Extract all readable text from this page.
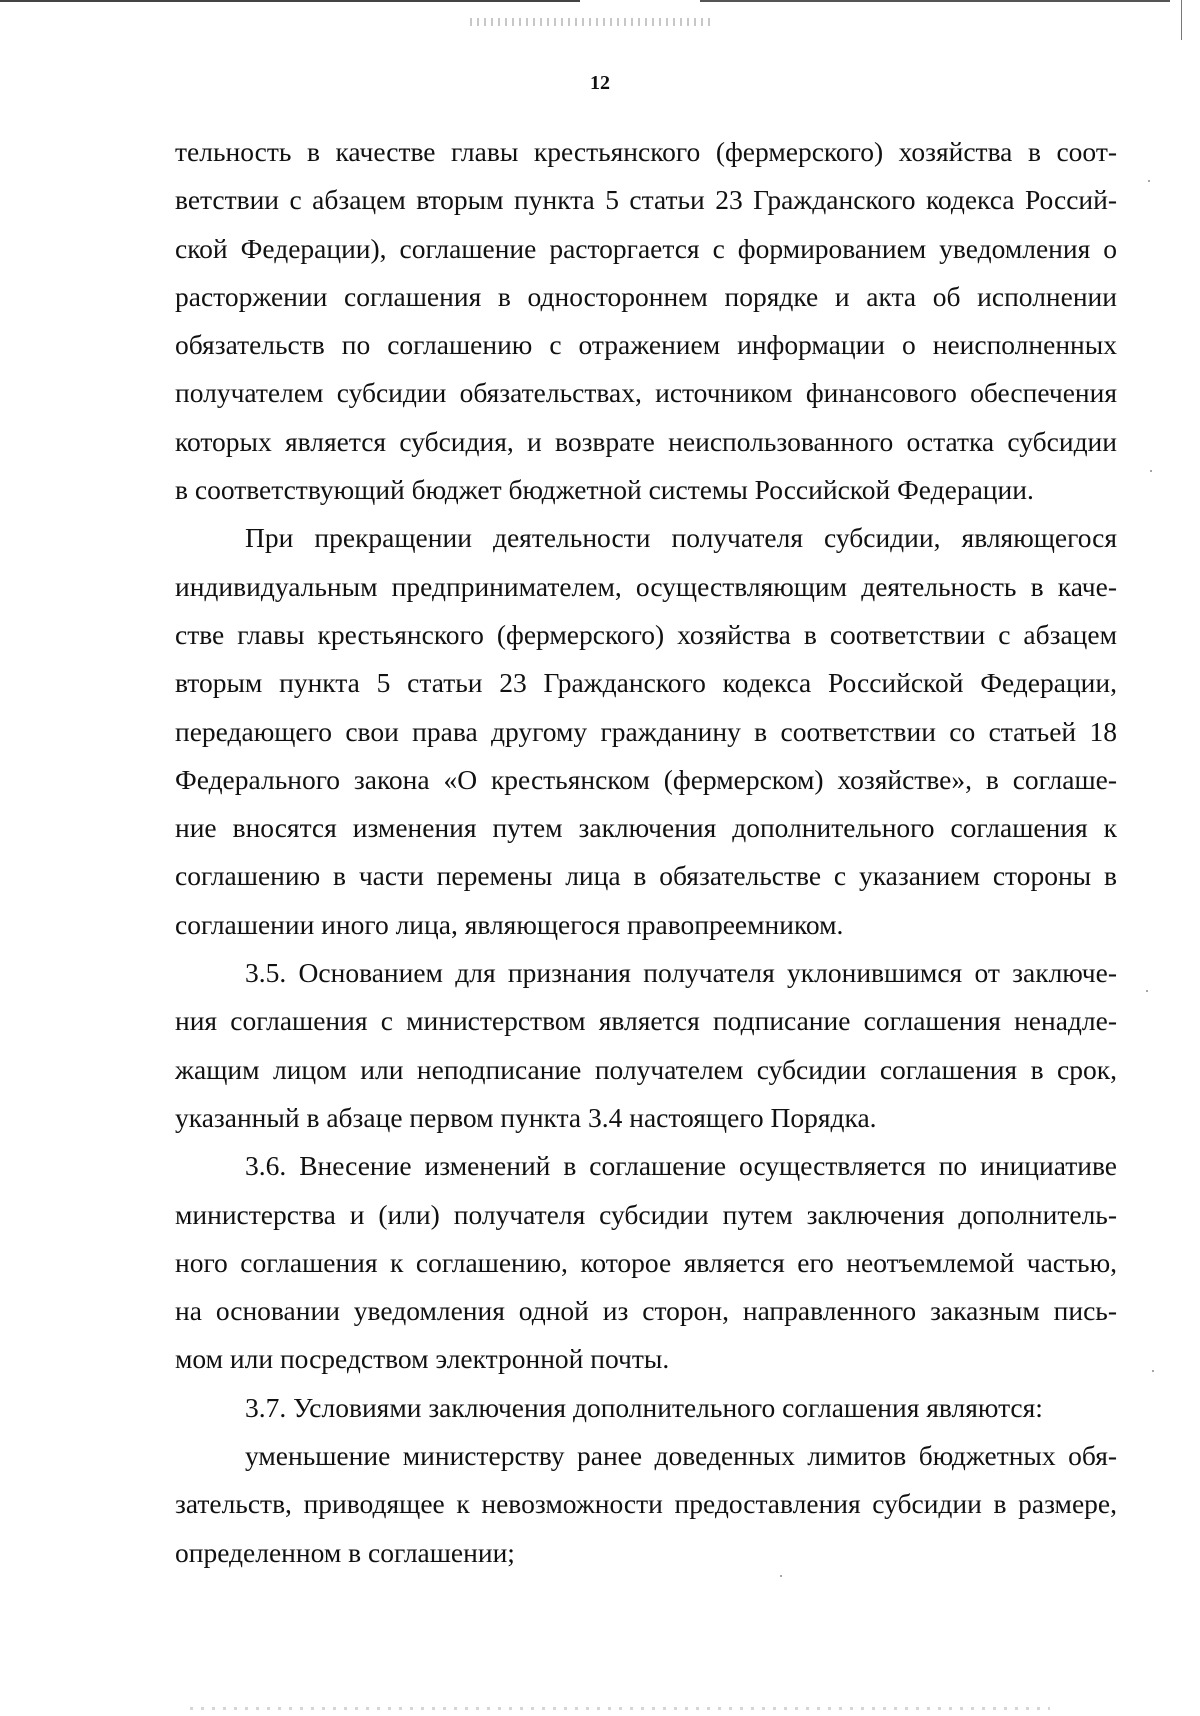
12
тельность в качестве главы крестьянского (фермерского) хозяйства в соот-
ветствии с абзацем вторым пункта 5 статьи 23 Гражданского кодекса Россий-
ской Федерации), соглашение расторгается с формированием уведомления о
расторжении соглашения в одностороннем порядке и акта об исполнении
обязательств по соглашению с отражением информации о неисполненных
получателем субсидии обязательствах, источником финансового обеспечения
которых является субсидия, и возврате неиспользованного остатка субсидии
в соответствующий бюджет бюджетной системы Российской Федерации.
При прекращении деятельности получателя субсидии, являющегося
индивидуальным предпринимателем, осуществляющим деятельность в каче-
стве главы крестьянского (фермерского) хозяйства в соответствии с абзацем
вторым пункта 5 статьи 23 Гражданского кодекса Российской Федерации,
передающего свои права другому гражданину в соответствии со статьей 18
Федерального закона «О крестьянском (фермерском) хозяйстве», в соглаше-
ние вносятся изменения путем заключения дополнительного соглашения к
соглашению в части перемены лица в обязательстве с указанием стороны в
соглашении иного лица, являющегося правопреемником.
3.5. Основанием для признания получателя уклонившимся от заключе-
ния соглашения с министерством является подписание соглашения ненадле-
жащим лицом или неподписание получателем субсидии соглашения в срок,
указанный в абзаце первом пункта 3.4 настоящего Порядка.
3.6. Внесение изменений в соглашение осуществляется по инициативе
министерства и (или) получателя субсидии путем заключения дополнитель-
ного соглашения к соглашению, которое является его неотъемлемой частью,
на основании уведомления одной из сторон, направленного заказным пись-
мом или посредством электронной почты.
3.7. Условиями заключения дополнительного соглашения являются:
уменьшение министерству ранее доведенных лимитов бюджетных обя-
зательств, приводящее к невозможности предоставления субсидии в размере,
определенном в соглашении;
